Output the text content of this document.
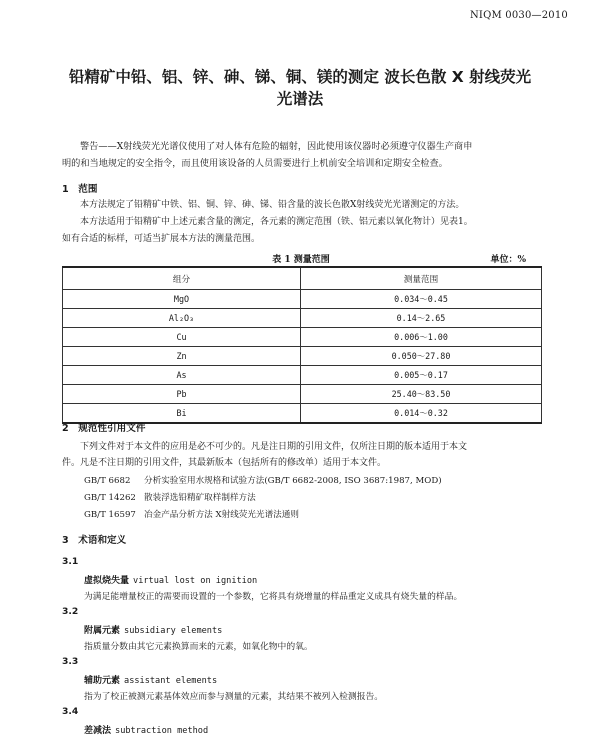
NIQM 0030—2010
铅精矿中铅、铝、锌、砷、锑、铜、镁的测定 波长色散 X 射线荧光
光谱法
警告——X射线荧光光谱仪使用了对人体有危险的辐射，因此使用该仪器时必须遵守仪器生产商申
明的和当地规定的安全指令，而且使用该设备的人员需要进行上机前安全培训和定期安全检查。
1　范围
本方法规定了铅精矿中铁、铝、铜、锌、砷、锑、铅含量的波长色散X射线荧光光谱测定的方法。
本方法适用于铅精矿中上述元素含量的测定，各元素的测定范围（铁、铝元素以氧化物计）见表1。
如有合适的标样，可适当扩展本方法的测量范围。
表 1 测量范围	单位：%
组分	测量范围
MgO	0.034～0.45
Al₂O₃	0.14～2.65
Cu	0.006～1.00
Zn	0.050～27.80
As	0.005～0.17
Pb	25.40～83.50
Bi	0.014～0.32
2　规范性引用文件
下列文件对于本文件的应用是必不可少的。凡是注日期的引用文件，仅所注日期的版本适用于本文
件。凡是不注日期的引用文件，其最新版本（包括所有的修改单）适用于本文件。
GB/T 6682 分析实验室用水规格和试验方法(GB/T 6682-2008, ISO 3687:1987, MOD)
GB/T 14262 散装浮选铅精矿取样制样方法
GB/T 16597 冶金产品分析方法 X射线荧光光谱法通则
3　术语和定义
3.1
虚拟烧失量 virtual lost on ignition
为满足能增量校正的需要而设置的一个参数，它将具有烧增量的样品重定义成具有烧失量的样品。
3.2
附属元素 subsidiary elements
指质量分数由其它元素换算而来的元素，如氧化物中的氧。
3.3
辅助元素 assistant elements
指为了校正被测元素基体效应而参与测量的元素，其结果不被列入检测报告。
3.4
差减法 subtraction method
